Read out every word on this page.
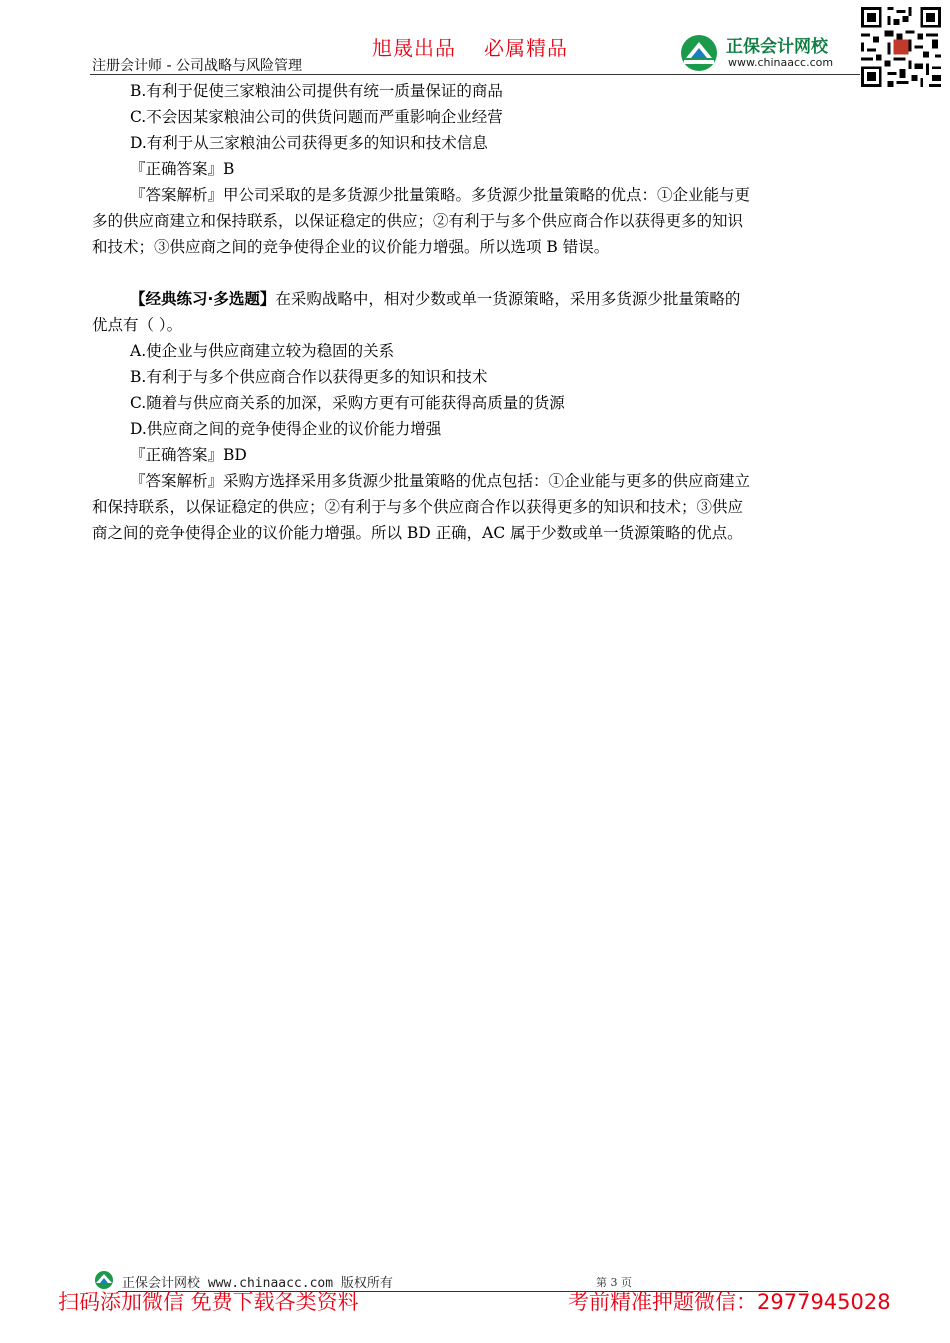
旭晟出品 必属精品
注册会计师 - 公司战略与风险管理
正保会计网校
www.chinaacc.com
B.有利于促使三家粮油公司提供有统一质量保证的商品
C.不会因某家粮油公司的供货问题而严重影响企业经营
D.有利于从三家粮油公司获得更多的知识和技术信息
『正确答案』B
『答案解析』甲公司采取的是多货源少批量策略。多货源少批量策略的优点：①企业能与更
多的供应商建立和保持联系，以保证稳定的供应；②有利于与多个供应商合作以获得更多的知识
和技术；③供应商之间的竞争使得企业的议价能力增强。所以选项 B 错误。
【经典练习·多选题】在采购战略中，相对少数或单一货源策略，采用多货源少批量策略的
优点有（ ）。
A.使企业与供应商建立较为稳固的关系
B.有利于与多个供应商合作以获得更多的知识和技术
C.随着与供应商关系的加深，采购方更有可能获得高质量的货源
D.供应商之间的竞争使得企业的议价能力增强
『正确答案』BD
『答案解析』采购方选择采用多货源少批量策略的优点包括：①企业能与更多的供应商建立
和保持联系，以保证稳定的供应；②有利于与多个供应商合作以获得更多的知识和技术；③供应
商之间的竞争使得企业的议价能力增强。所以 BD 正确，AC 属于少数或单一货源策略的优点。
正保会计网校 www.chinaacc.com 版权所有	第 3 页
扫码添加微信 免费下载各类资料	考前精准押题微信：2977945028
